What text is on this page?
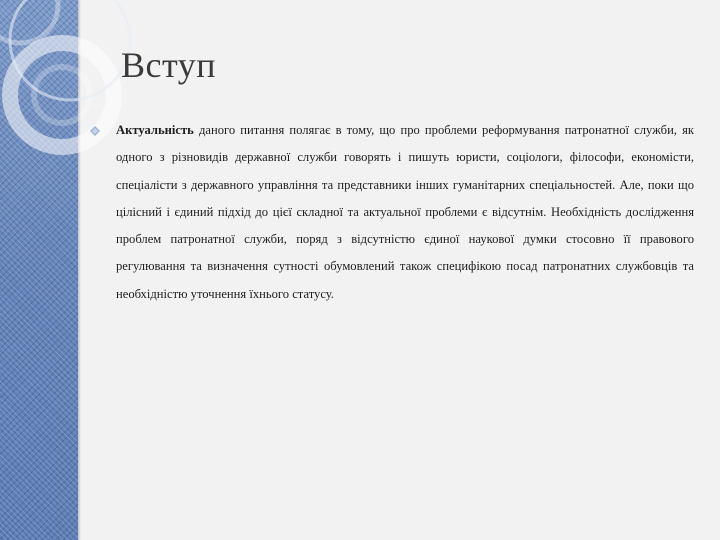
Вступ
Актуальність даного питання полягає в тому, що про проблеми реформування патронатної служби, як одного з різновидів державної служби говорять і пишуть юристи, соціологи, філософи, економісти, спеціалісти з державного управління та представники інших гуманітарних спеціальностей. Але, поки що цілісний і єдиний підхід до цієї складної та актуальної проблеми є відсутнім. Необхідність дослідження проблем патронатної служби, поряд з відсутністю єдиної наукової думки стосовно її правового регулювання та визначення сутності обумовлений також специфікою посад патронатних службовців та необхідністю уточнення їхнього статусу.
